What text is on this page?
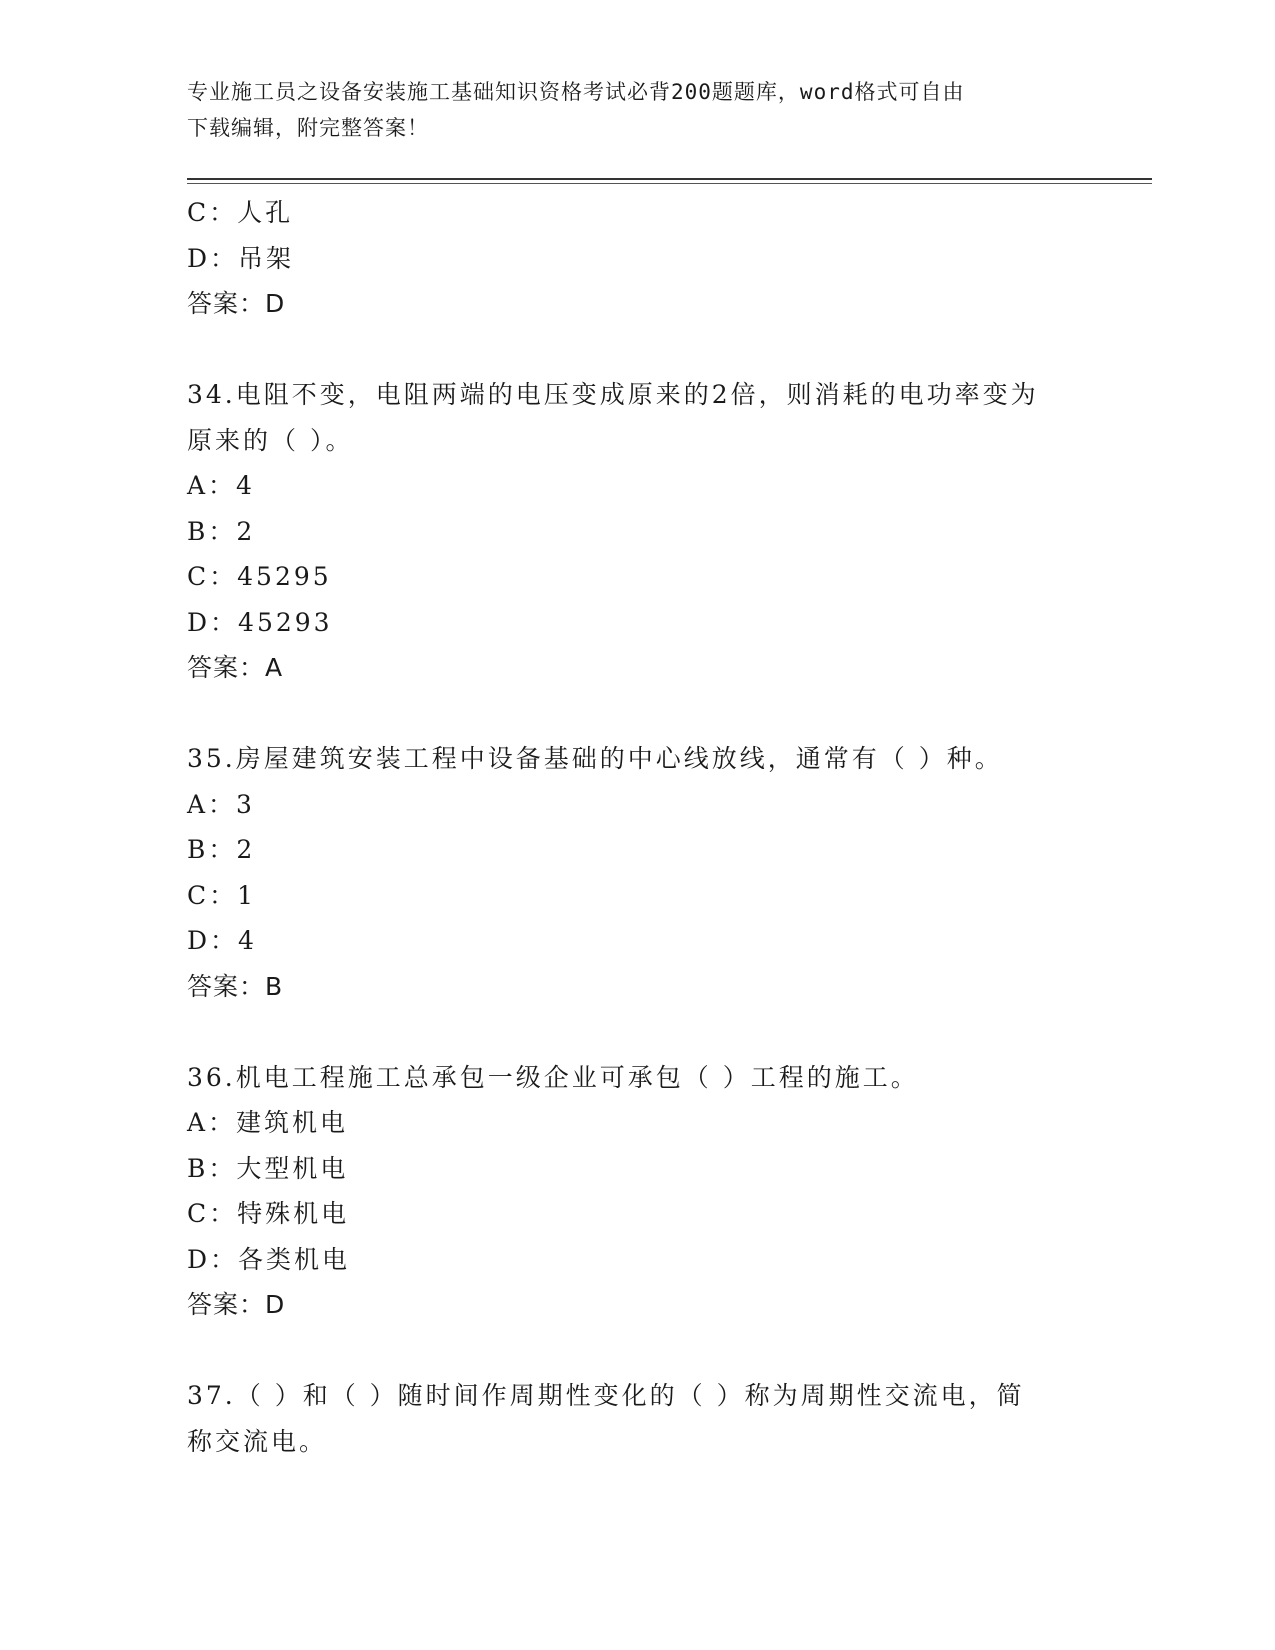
专业施工员之设备安装施工基础知识资格考试必背200题题库，word格式可自由
下载编辑，附完整答案！
C：人孔
D：吊架
答案：D
34.电阻不变，电阻两端的电压变成原来的2倍，则消耗的电功率变为
原来的（ ）。
A：4
B：2
C：45295
D：45293
答案：A
35.房屋建筑安装工程中设备基础的中心线放线，通常有（ ）种。
A：3
B：2
C：1
D：4
答案：B
36.机电工程施工总承包一级企业可承包（ ）工程的施工。
A：建筑机电
B：大型机电
C：特殊机电
D：各类机电
答案：D
37.（ ）和（ ）随时间作周期性变化的（ ）称为周期性交流电，简
称交流电。
